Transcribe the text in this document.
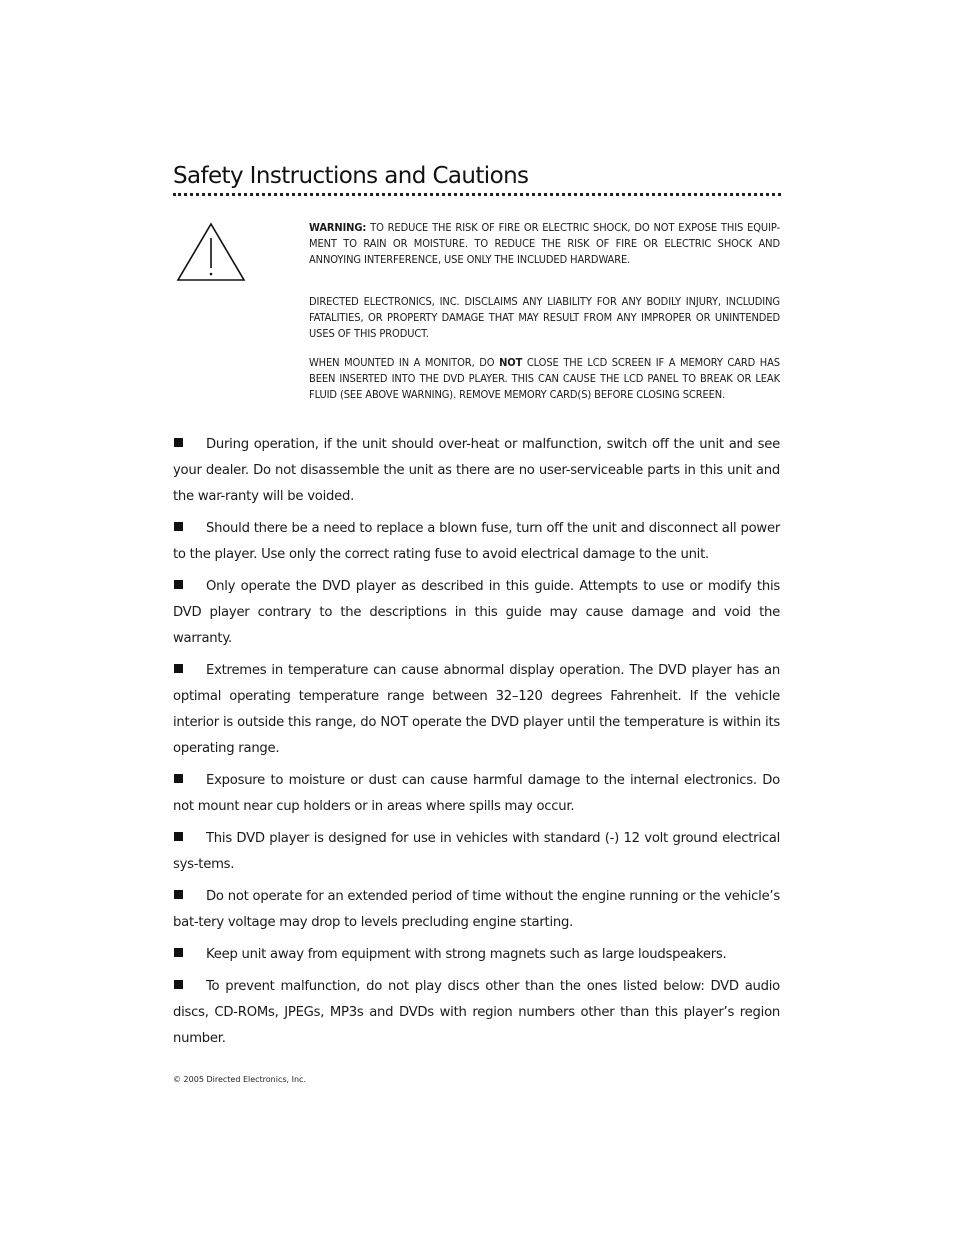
Safety Instructions and Cautions

WARNING: TO REDUCE THE RISK OF FIRE OR ELECTRIC SHOCK, DO NOT EXPOSE THIS EQUIP-MENT TO RAIN OR MOISTURE. TO REDUCE THE RISK OF FIRE OR ELECTRIC SHOCK AND ANNOYING INTERFERENCE, USE ONLY THE INCLUDED HARDWARE.

DIRECTED ELECTRONICS, INC. DISCLAIMS ANY LIABILITY FOR ANY BODILY INJURY, INCLUDING FATALITIES, OR PROPERTY DAMAGE THAT MAY RESULT FROM ANY IMPROPER OR UNINTENDED USES OF THIS PRODUCT.

WHEN MOUNTED IN A MONITOR, DO NOT CLOSE THE LCD SCREEN IF A MEMORY CARD HAS BEEN INSERTED INTO THE DVD PLAYER. THIS CAN CAUSE THE LCD PANEL TO BREAK OR LEAK FLUID (SEE ABOVE WARNING). REMOVE MEMORY CARD(S) BEFORE CLOSING SCREEN.

During operation, if the unit should over-heat or malfunction, switch off the unit and see your dealer. Do not disassemble the unit as there are no user-serviceable parts in this unit and the war-ranty will be voided.
Should there be a need to replace a blown fuse, turn off the unit and disconnect all power to the player. Use only the correct rating fuse to avoid electrical damage to the unit.
Only operate the DVD player as described in this guide. Attempts to use or modify this DVD player contrary to the descriptions in this guide may cause damage and void the warranty.
Extremes in temperature can cause abnormal display operation. The DVD player has an optimal operating temperature range between 32–120 degrees Fahrenheit. If the vehicle interior is outside this range, do NOT operate the DVD player until the temperature is within its operating range.
Exposure to moisture or dust can cause harmful damage to the internal electronics. Do not mount near cup holders or in areas where spills may occur.
This DVD player is designed for use in vehicles with standard (-) 12 volt ground electrical sys-tems.
Do not operate for an extended period of time without the engine running or the vehicle’s bat-tery voltage may drop to levels precluding engine starting.
Keep unit away from equipment with strong magnets such as large loudspeakers.
To prevent malfunction, do not play discs other than the ones listed below: DVD audio discs, CD-ROMs, JPEGs, MP3s and DVDs with region numbers other than this player’s region number.
© 2005 Directed Electronics, Inc.
